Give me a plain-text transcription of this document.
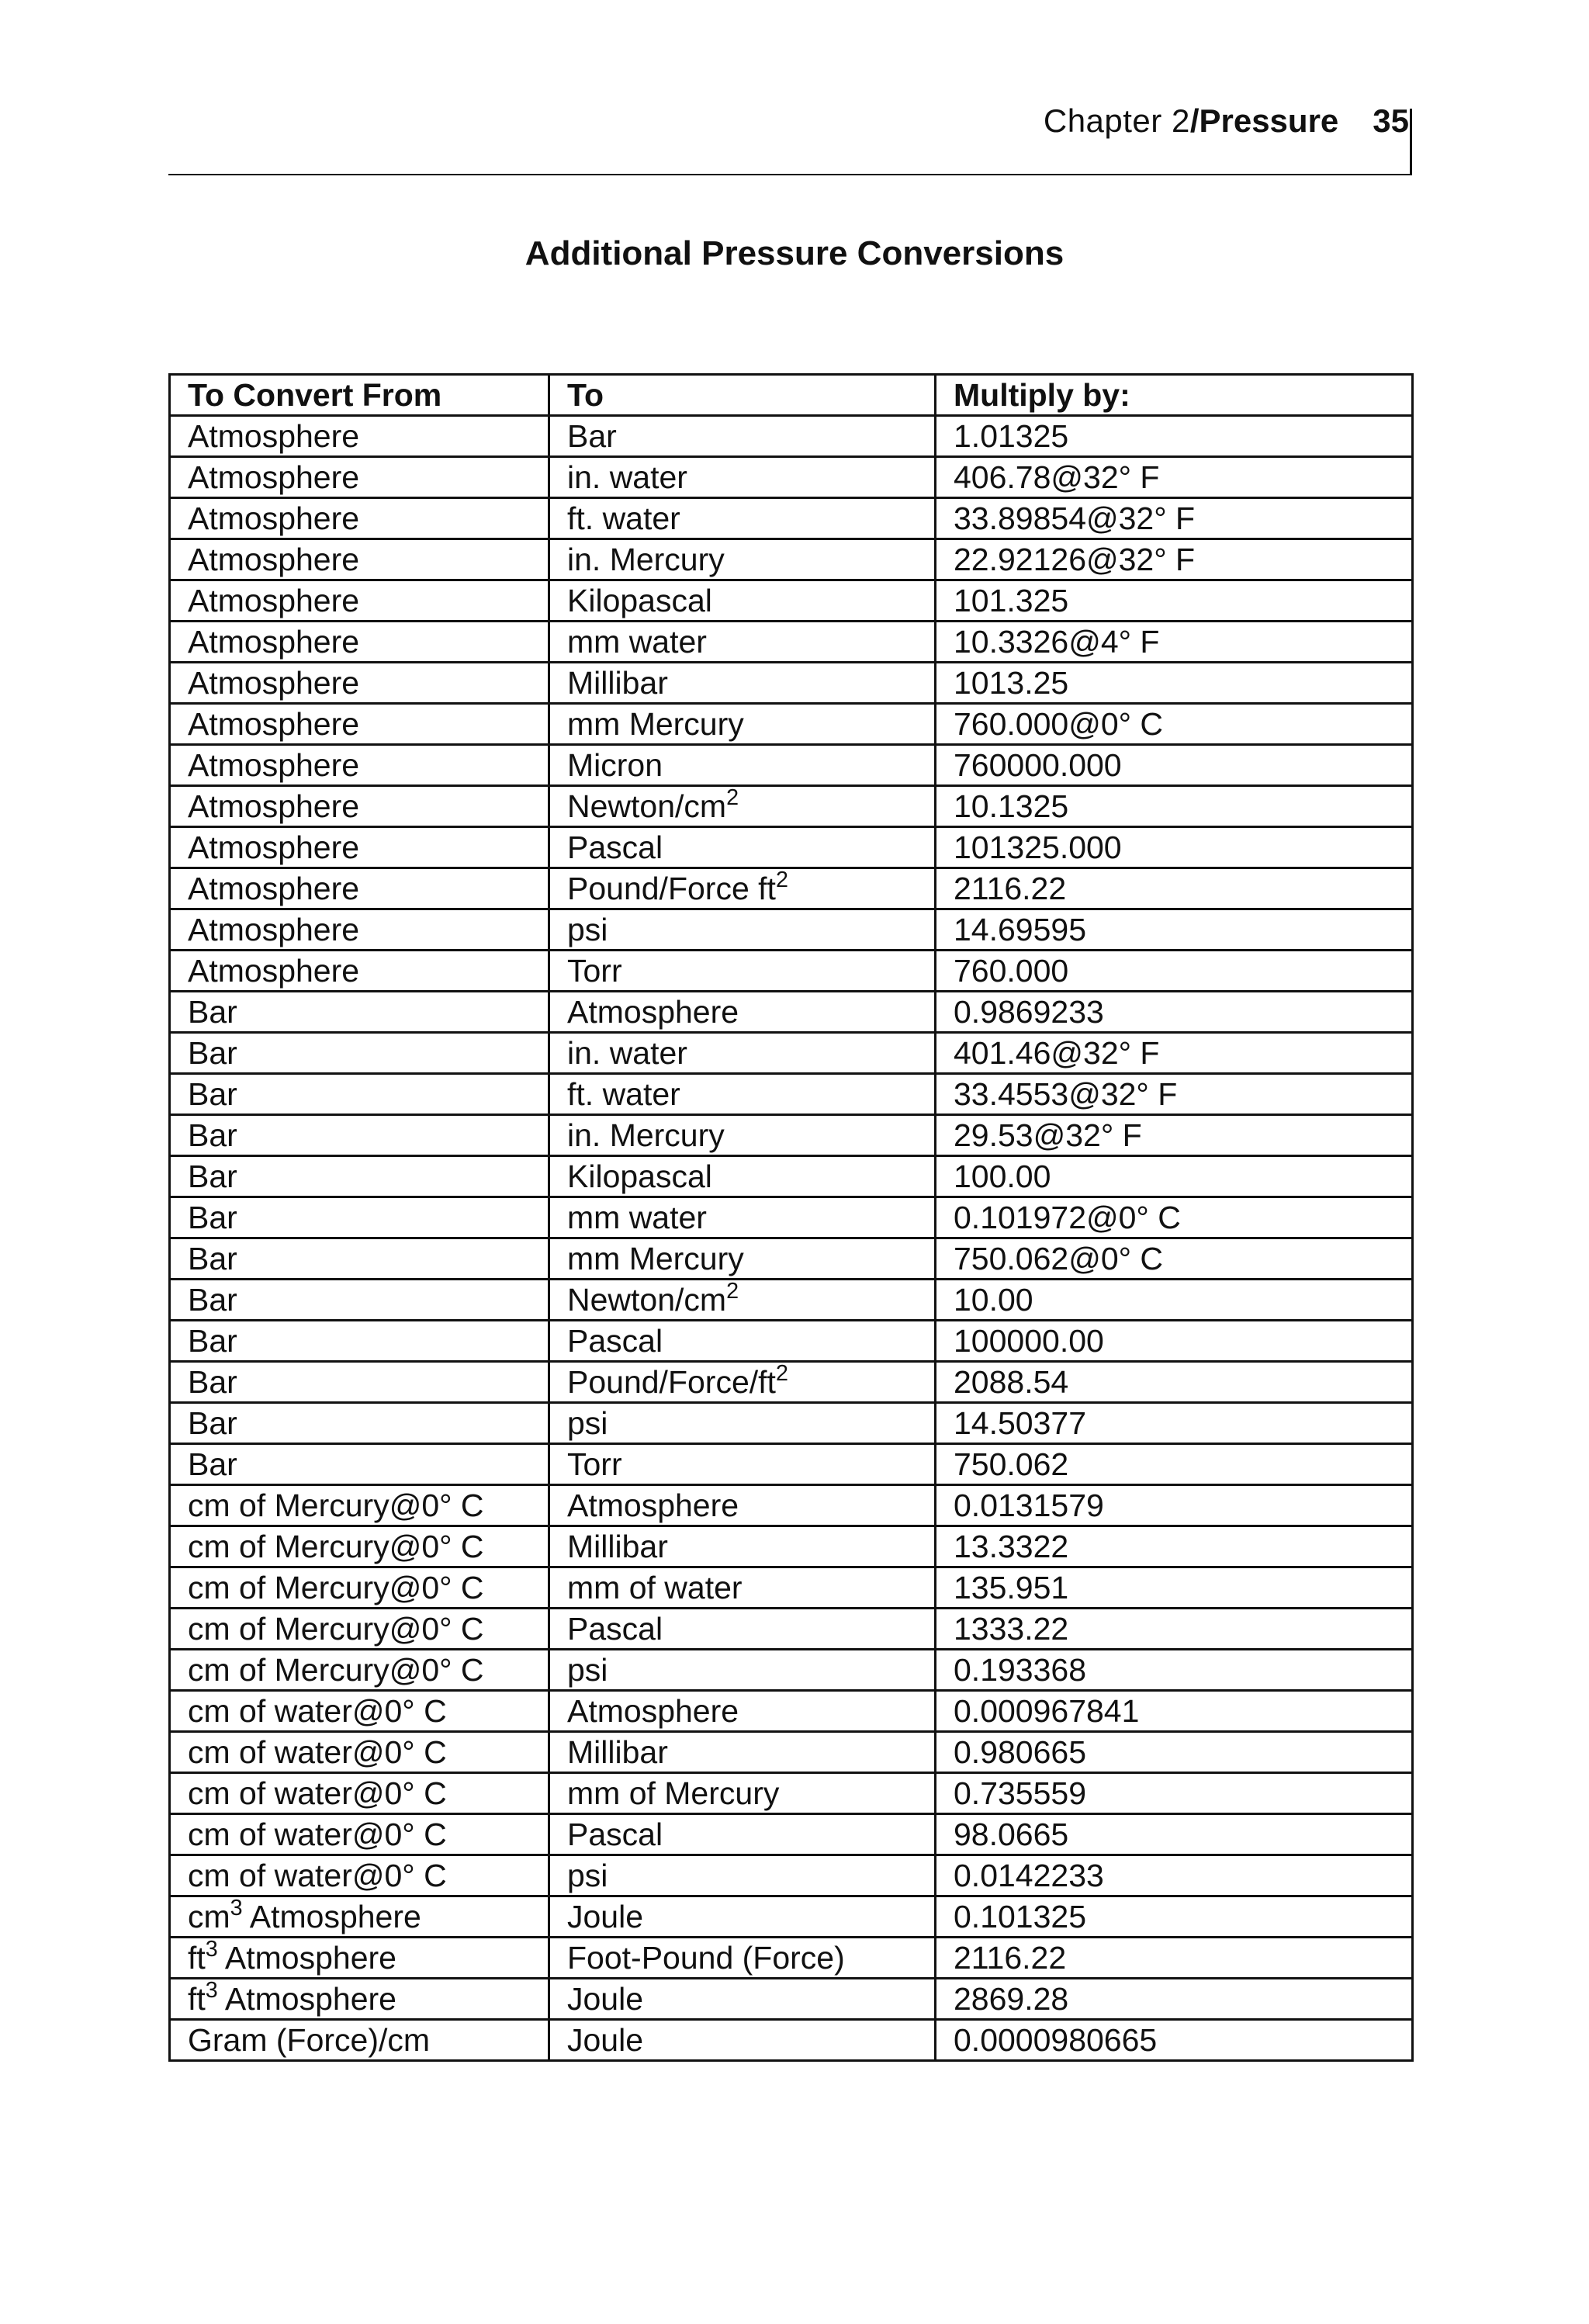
Chapter 2 /Pressure 35
Additional Pressure Conversions
To Convert From	To	Multiply by:
Atmosphere	Bar	1.01325
Atmosphere	in. water	406.78@32° F
Atmosphere	ft. water	33.89854@32° F
Atmosphere	in. Mercury	22.92126@32° F
Atmosphere	Kilopascal	101.325
Atmosphere	mm water	10.3326@4° F
Atmosphere	Millibar	1013.25
Atmosphere	mm Mercury	760.000@0° C
Atmosphere	Micron	760000.000
Atmosphere	Newton/$cm^2$	10.1325
Atmosphere	Pascal	101325.000
Atmosphere	Pound/Force $ft^2$	2116.22
Atmosphere	psi	14.69595
Atmosphere	Torr	760.000
Bar	Atmosphere	0.9869233
Bar	in. water	401.46@32° F
Bar	ft. water	33.4553@32° F
Bar	in. Mercury	29.53@32° F
Bar	Kilopascal	100.00
Bar	mm water	0.101972@0° C
Bar	mm Mercury	750.062@0° C
Bar	Newton/$cm^2$	10.00
Bar	Pascal	100000.00
Bar	Pound/$Force/ft^2$	2088.54
Bar	psi	14.50377
Bar	Torr	750.062
cm of Mercury@0° C	Atmosphere	0.0131579
cm of Mercury@0° C	Millibar	13.3322
cm of Mercury@0° C	mm of water	135.951
cm of Mercury@0° C	Pascal	1333.22
cm of Mercury@0° C	psi	0.193368
cm of water@0° C	Atmosphere	0.000967841
cm of water@0° C	Millibar	0.980665
cm of water@0° C	mm of Mercury	0.735559
cm of water@0° C	Pascal	98.0665
cm of water@0° C	psi	0.0142233
$cm^3$ Atmosphere	Joule	0.101325
$ft^3$ Atmosphere	Foot-Pound (Force)	2116.22
$ft^3$ Atmosphere	Joule	2869.28
Gram (Force)/cm	Joule	0.0000980665
